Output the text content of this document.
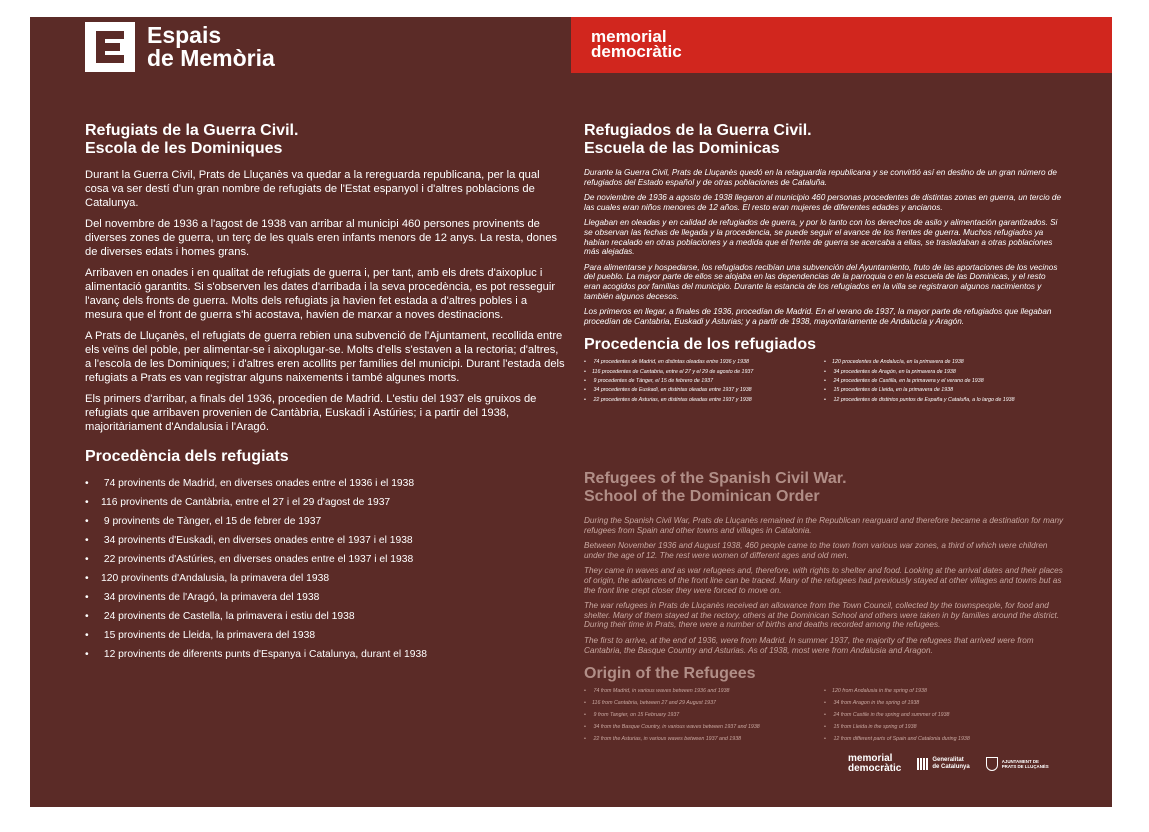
Espais
de Memòria
memorial
democràtic
Refugiats de la Guerra Civil.
Escola de les Dominiques

Durant la Guerra Civil, Prats de Lluçanès va quedar a la rereguarda republicana, per la qual cosa va ser destí d'un gran nombre de refugiats de l'Estat espanyol i d'altres poblacions de Catalunya.

Del novembre de 1936 a l'agost de 1938 van arribar al municipi 460 persones provinents de diverses zones de guerra, un terç de les quals eren infants menors de 12 anys. La resta, dones de diverses edats i homes grans.

Arribaven en onades i en qualitat de refugiats de guerra i, per tant, amb els drets d'aixopluc i alimentació garantits. Si s'observen les dates d'arribada i la seva procedència, es pot resseguir l'avanç dels fronts de guerra. Molts dels refugiats ja havien fet estada a d'altres pobles i a mesura que el front de guerra s'hi acostava, havien de marxar a noves destinacions.

A Prats de Lluçanès, el refugiats de guerra rebien una subvenció de l'Ajuntament, recollida entre els veïns del poble, per alimentar-se i aixoplugar-se. Molts d'ells s'estaven a la rectoria; d'altres, a l'escola de les Dominiques; i d'altres eren acollits per famílies del municipi. Durant l'estada dels refugiats a Prats es van registrar alguns naixements i també algunes morts.

Els primers d'arribar, a finals del 1936, procedien de Madrid. L'estiu del 1937 els gruixos de refugiats que arribaven provenien de Cantàbria, Euskadi i Astúries; i a partir del 1938, majoritàriament d'Andalusia i l'Aragó.

Procedència dels refugiats
• 74 provinents de Madrid, en diverses onades entre el 1936 i el 1938
• 116 provinents de Cantàbria, entre el 27 i el 29 d'agost de 1937
• 9 provinents de Tànger, el 15 de febrer de 1937
• 34 provinents d'Euskadi, en diverses onades entre el 1937 i el 1938
• 22 provinents d'Astúries, en diverses onades entre el 1937 i el 1938
• 120 provinents d'Andalusia, la primavera del 1938
• 34 provinents de l'Aragó, la primavera del 1938
• 24 provinents de Castella, la primavera i estiu del 1938
• 15 provinents de Lleida, la primavera del 1938
• 12 provinents de diferents punts d'Espanya i Catalunya, durant el 1938
Refugiados de la Guerra Civil.
Escuela de las Dominicas

Durante la Guerra Civil, Prats de Lluçanès quedó en la retaguardia republicana y se convirtió así en destino de un gran número de refugiados del Estado español y de otras poblaciones de Cataluña.

De noviembre de 1936 a agosto de 1938 llegaron al municipio 460 personas procedentes de distintas zonas en guerra, un tercio de las cuales eran niños menores de 12 años. El resto eran mujeres de diferentes edades y ancianos.

Llegaban en oleadas y en calidad de refugiados de guerra, y por lo tanto con los derechos de asilo y alimentación garantizados. Si se observan las fechas de llegada y la procedencia, se puede seguir el avance de los frentes de guerra. Muchos refugiados ya habían recalado en otras poblaciones y a medida que el frente de guerra se acercaba a ellas, se trasladaban a otras poblaciones más alejadas.

Para alimentarse y hospedarse, los refugiados recibían una subvención del Ayuntamiento, fruto de las aportaciones de los vecinos del pueblo. La mayor parte de ellos se alojaba en las dependencias de la parroquia o en la escuela de las Dominicas, y el resto eran acogidos por familias del municipio. Durante la estancia de los refugiados en la villa se registraron algunos nacimientos y también algunos decesos.

Los primeros en llegar, a finales de 1936, procedían de Madrid. En el verano de 1937, la mayor parte de refugiados que llegaban procedían de Cantabria, Euskadi y Asturias; y a partir de 1938, mayoritariamente de Andalucía y Aragón.

Procedencia de los refugiados
• 74 procedentes de Madrid, en distintas oleadas entre 1936 y 1938
• 116 procedentes de Cantabria, entre el 27 y el 29 de agosto de 1937
• 9 procedentes de Tánger, el 15 de febrero de 1937
• 34 procedentes de Euskadi, en distintas oleadas entre 1937 y 1938
• 22 procedentes de Asturias, en distintas oleadas entre 1937 y 1938
• 120 procedentes de Andalucía, en la primavera de 1938
• 34 procedentes de Aragón, en la primavera de 1938
• 24 procedentes de Castilla, en la primavera y el verano de 1938
• 15 procedentes de Lleida, en la primavera de 1938
• 12 procedentes de distintos puntos de España y Cataluña, a lo largo de 1938
Refugees of the Spanish Civil War.
School of the Dominican Order

During the Spanish Civil War, Prats de Lluçanès remained in the Republican rearguard and therefore became a destination for many refugees from Spain and other towns and villages in Catalonia.

Between November 1936 and August 1938, 460 people came to the town from various war zones, a third of which were children under the age of 12. The rest were women of different ages and old men.

They came in waves and as war refugees and, therefore, with rights to shelter and food. Looking at the arrival dates and their places of origin, the advances of the front line can be traced. Many of the refugees had previously stayed at other villages and towns but as the front line crept closer they were forced to move on.

The war refugees in Prats de Lluçanès received an allowance from the Town Council, collected by the townspeople, for food and shelter. Many of them stayed at the rectory, others at the Dominican School and others were taken in by families around the district. During their time in Prats, there were a number of births and deaths recorded among the refugees.

The first to arrive, at the end of 1936, were from Madrid. In summer 1937, the majority of the refugees that arrived were from Cantabria, the Basque Country and Asturias. As of 1938, most were from Andalusia and Aragon.

Origin of the Refugees
• 74 from Madrid, in various waves between 1936 and 1938
• 116 from Cantabria, between 27 and 29 August 1937
• 9 from Tangier, on 15 February 1937
• 34 from the Basque Country, in various waves between 1937 and 1938
• 22 from the Asturias, in various waves between 1937 and 1938
• 120 from Andalusia in the spring of 1938
• 34 from Aragon in the spring of 1938
• 24 from Castile in the spring and summer of 1938
• 15 from Lleida in the spring of 1938
• 12 from different parts of Spain and Catalonia during 1938
memorial
democràtic
Generalitat
de Catalunya
AJUNTAMENT DE
PRATS DE LLUÇANÈS
